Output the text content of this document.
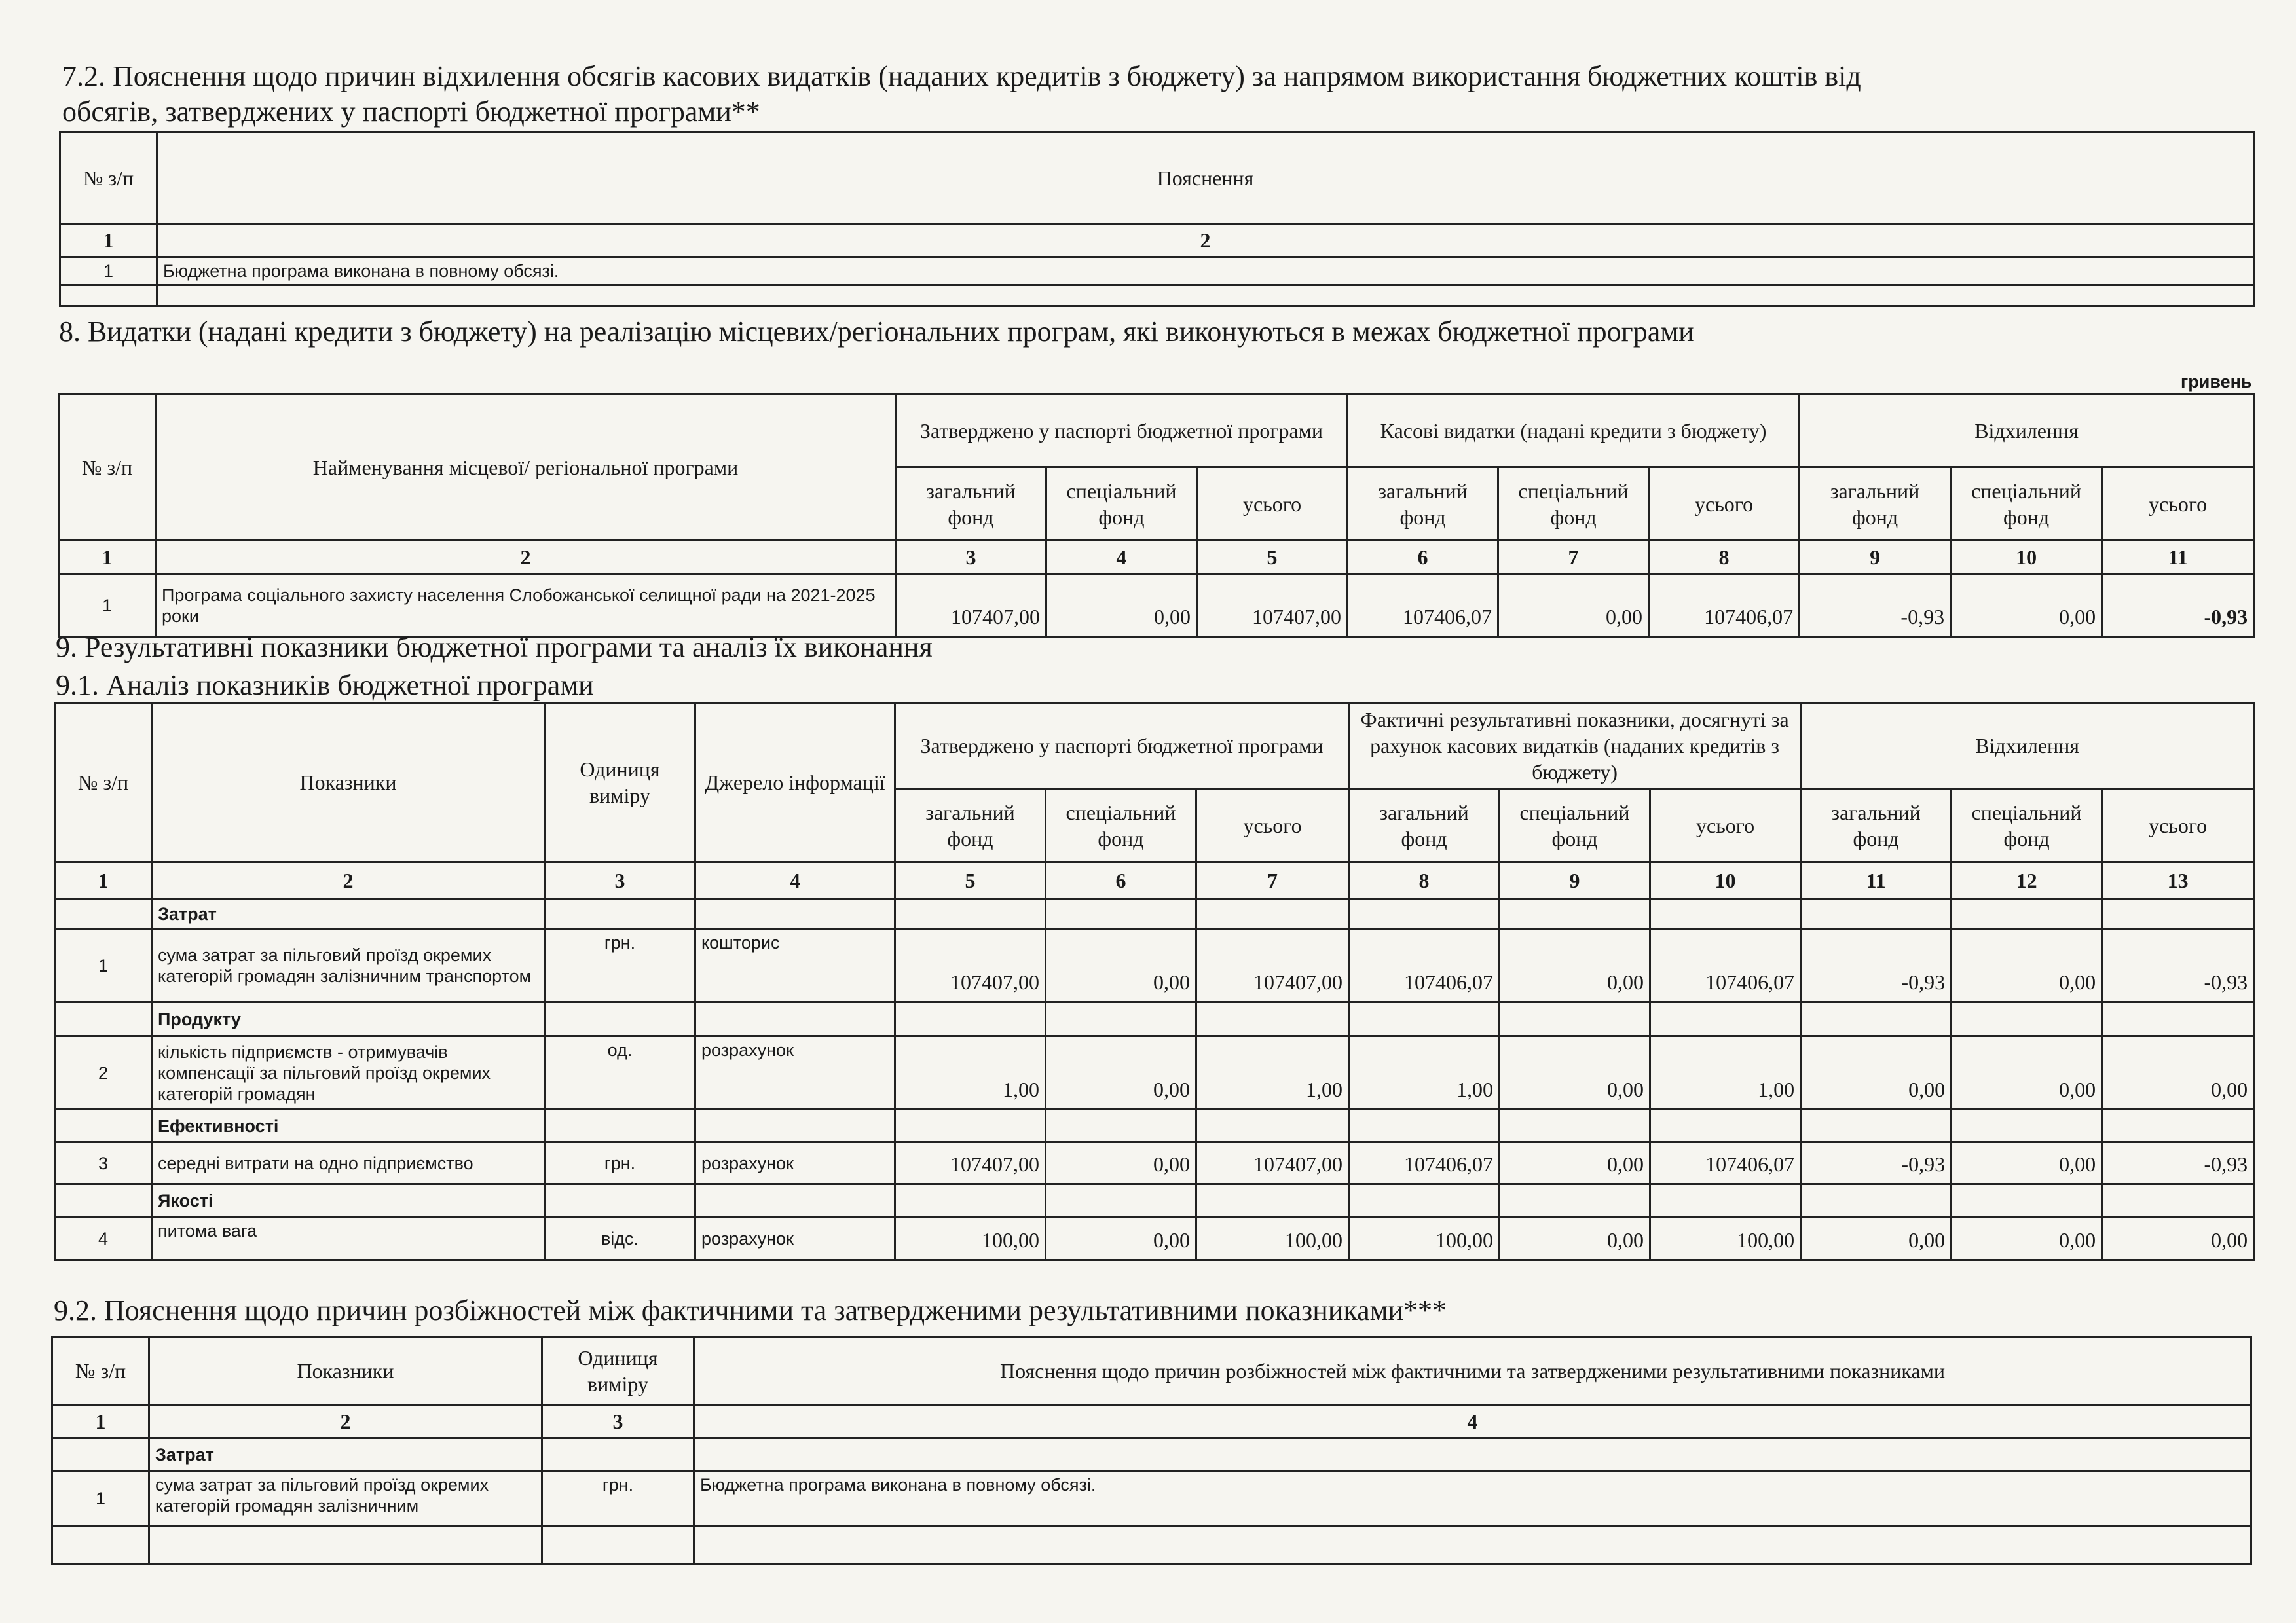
7.2. Пояснення щодо причин відхилення обсягів касових видатків (наданих кредитів з бюджету) за напрямом використання бюджетних коштів від
обсягів, затверджених у паспорті бюджетної програми**
№ з/п	Пояснення
1	2
1	Бюджетна програма виконана в повному обсязі.

8. Видатки (надані кредити з бюджету) на реалізацію місцевих/регіональних програм, які виконуються в межах бюджетної програми
гривень
№ з/п	Найменування місцевої/ регіональної програми	Затверджено у паспорті бюджетної програми			Касові видатки (надані кредити з бюджету)			Відхилення		
		загальний фонд	спеціальний фонд	усього	загальний фонд	спеціальний фонд	усього	загальний фонд	спеціальний фонд	усього
1	2	3	4	5	6	7	8	9	10	11
1	Програма соціального захисту населення Слобожанської селищної ради на 2021-2025 роки	107407,00	0,00	107407,00	107406,07	0,00	107406,07	-0,93	0,00	-0,93
9. Результативні показники бюджетної програми та аналіз їх виконання
9.1. Аналіз показників бюджетної програми
№ з/п	Показники	Одиниця виміру	Джерело інформації	Затверджено у паспорті бюджетної програми			Фактичні результативні показники, досягнуті за рахунок касових видатків (наданих кредитів з бюджету)			Відхилення		
				загальний фонд	спеціальний фонд	усього	загальний фонд	спеціальний фонд	усього	загальний фонд	спеціальний фонд	усього
1	2	3	4	5	6	7	8	9	10	11	12	13
	Затрат											
1	сума затрат за пільговий проїзд окремих категорій громадян залізничним транспортом	грн.	кошторис	107407,00	0,00	107407,00	107406,07	0,00	107406,07	-0,93	0,00	-0,93
	Продукту											
2	кількість підприємств - отримувачів компенсації за пільговий проїзд окремих категорій громадян	од.	розрахунок	1,00	0,00	1,00	1,00	0,00	1,00	0,00	0,00	0,00
	Ефективності											
3	середні витрати на одно підприємство	грн.	розрахунок	107407,00	0,00	107407,00	107406,07	0,00	107406,07	-0,93	0,00	-0,93
	Якості											
4	питома вага	відс.	розрахунок	100,00	0,00	100,00	100,00	0,00	100,00	0,00	0,00	0,00
9.2. Пояснення щодо причин розбіжностей між фактичними та затвердженими результативними показниками***
№ з/п	Показники	Одиниця виміру	Пояснення щодо причин розбіжностей між фактичними та затвердженими результативними показниками
1	2	3	4
	Затрат		
1	сума затрат за пільговий проїзд окремих категорій громадян залізничним	грн.	Бюджетна програма виконана в повному обсязі.
